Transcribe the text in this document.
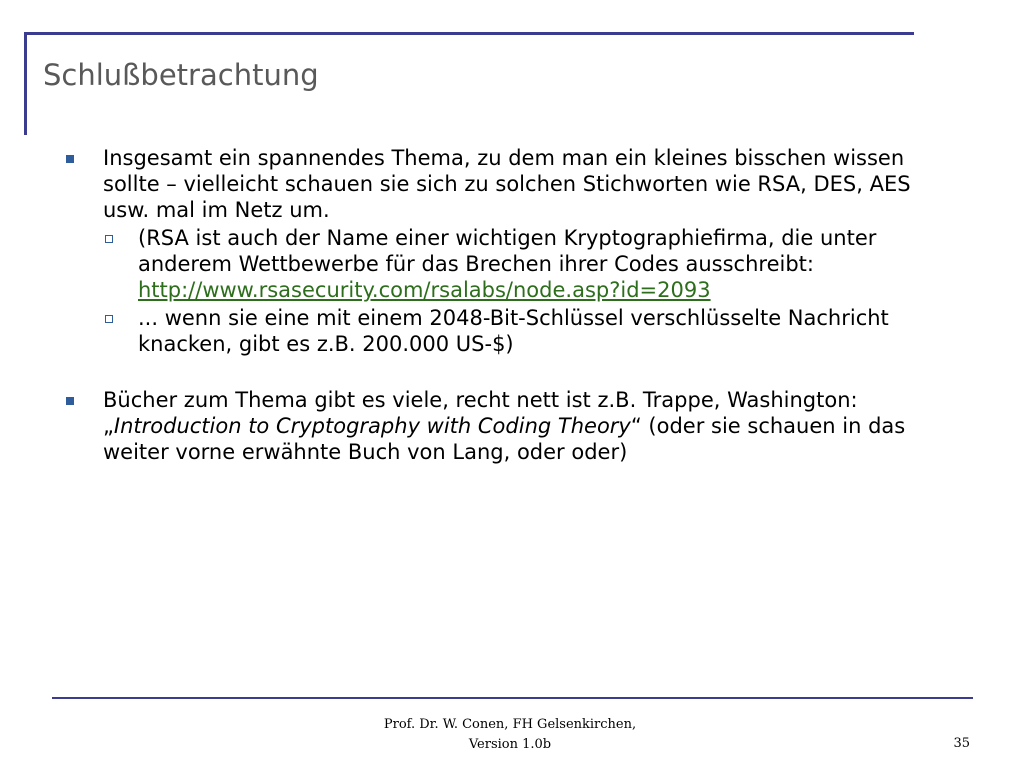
Schlußbetrachtung
Insgesamt ein spannendes Thema, zu dem man ein kleines bisschen wissen sollte – vielleicht schauen sie sich zu solchen Stichworten wie RSA, DES, AES usw. mal im Netz um.
(RSA ist auch der Name einer wichtigen Kryptographiefirma, die unter anderem Wettbewerbe für das Brechen ihrer Codes ausschreibt:
http://www.rsasecurity.com/rsalabs/node.asp?id=2093
... wenn sie eine mit einem 2048-Bit-Schlüssel verschlüsselte Nachricht knacken, gibt es z.B. 200.000 US-$)
Bücher zum Thema gibt es viele, recht nett ist z.B. Trappe, Washington: „Introduction to Cryptography with Coding Theory“ (oder sie schauen in das weiter vorne erwähnte Buch von Lang, oder oder)
Prof. Dr. W. Conen, FH Gelsenkirchen,
Version 1.0b	35
